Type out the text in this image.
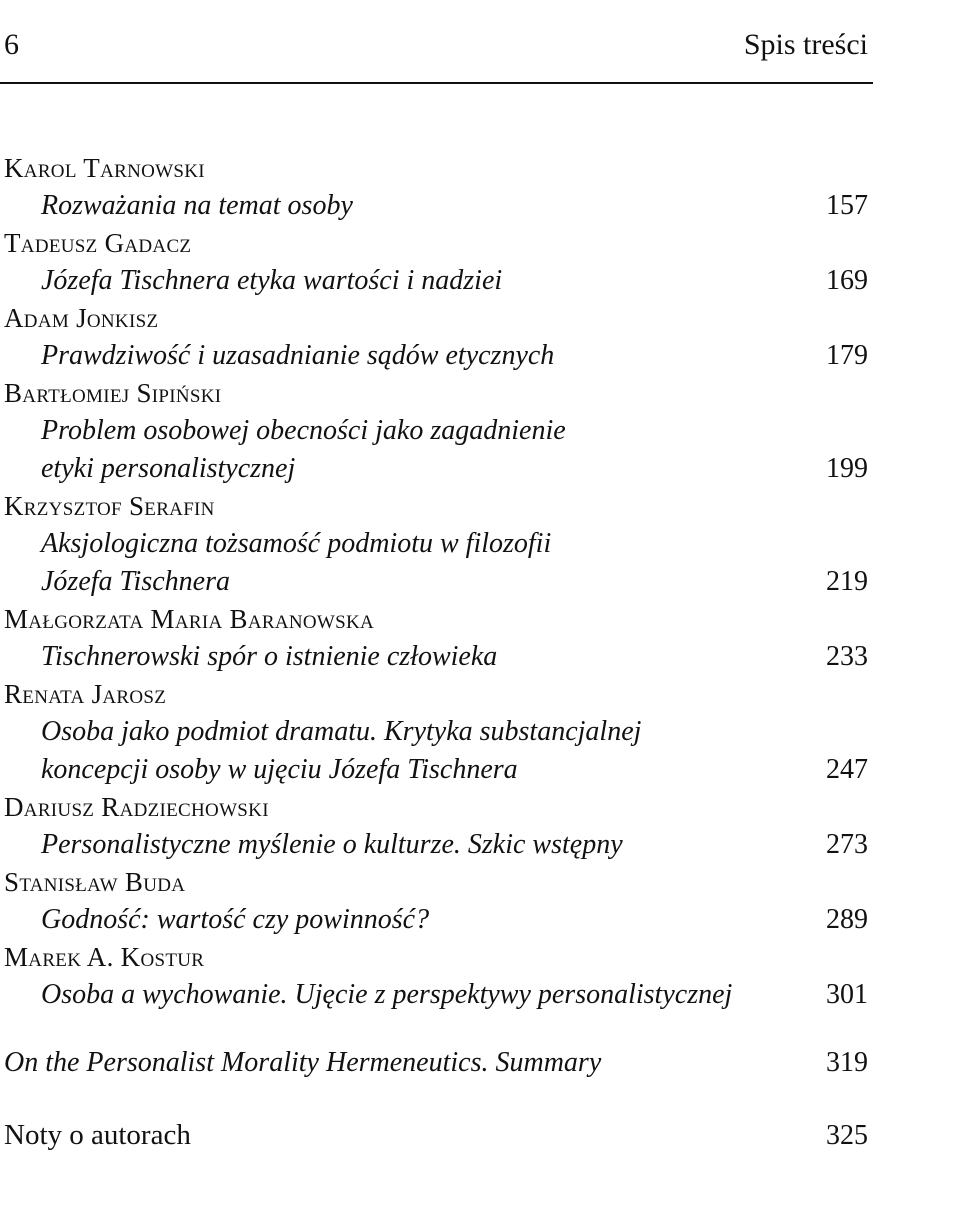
6	Spis treści
Karol Tarnowski
Rozważania na temat osoby	157
Tadeusz Gadacz
Józefa Tischnera etyka wartości i nadziei	169
Adam Jonkisz
Prawdziwość i uzasadnianie sądów etycznych	179
Bartłomiej Sipiński
Problem osobowej obecności jako zagadnienie
etyki personalistycznej	199
Krzysztof Serafin
Aksjologiczna tożsamość podmiotu w filozofii
Józefa Tischnera	219
Małgorzata Maria Baranowska
Tischnerowski spór o istnienie człowieka	233
Renata Jarosz
Osoba jako podmiot dramatu. Krytyka substancjalnej
koncepcji osoby w ujęciu Józefa Tischnera	247
Dariusz Radziechowski
Personalistyczne myślenie o kulturze. Szkic wstępny	273
Stanisław Buda
Godność: wartość czy powinność?	289
Marek A. Kostur
Osoba a wychowanie. Ujęcie z perspektywy personalistycznej	301
On the Personalist Morality Hermeneutics. Summary	319
Noty o autorach	325
